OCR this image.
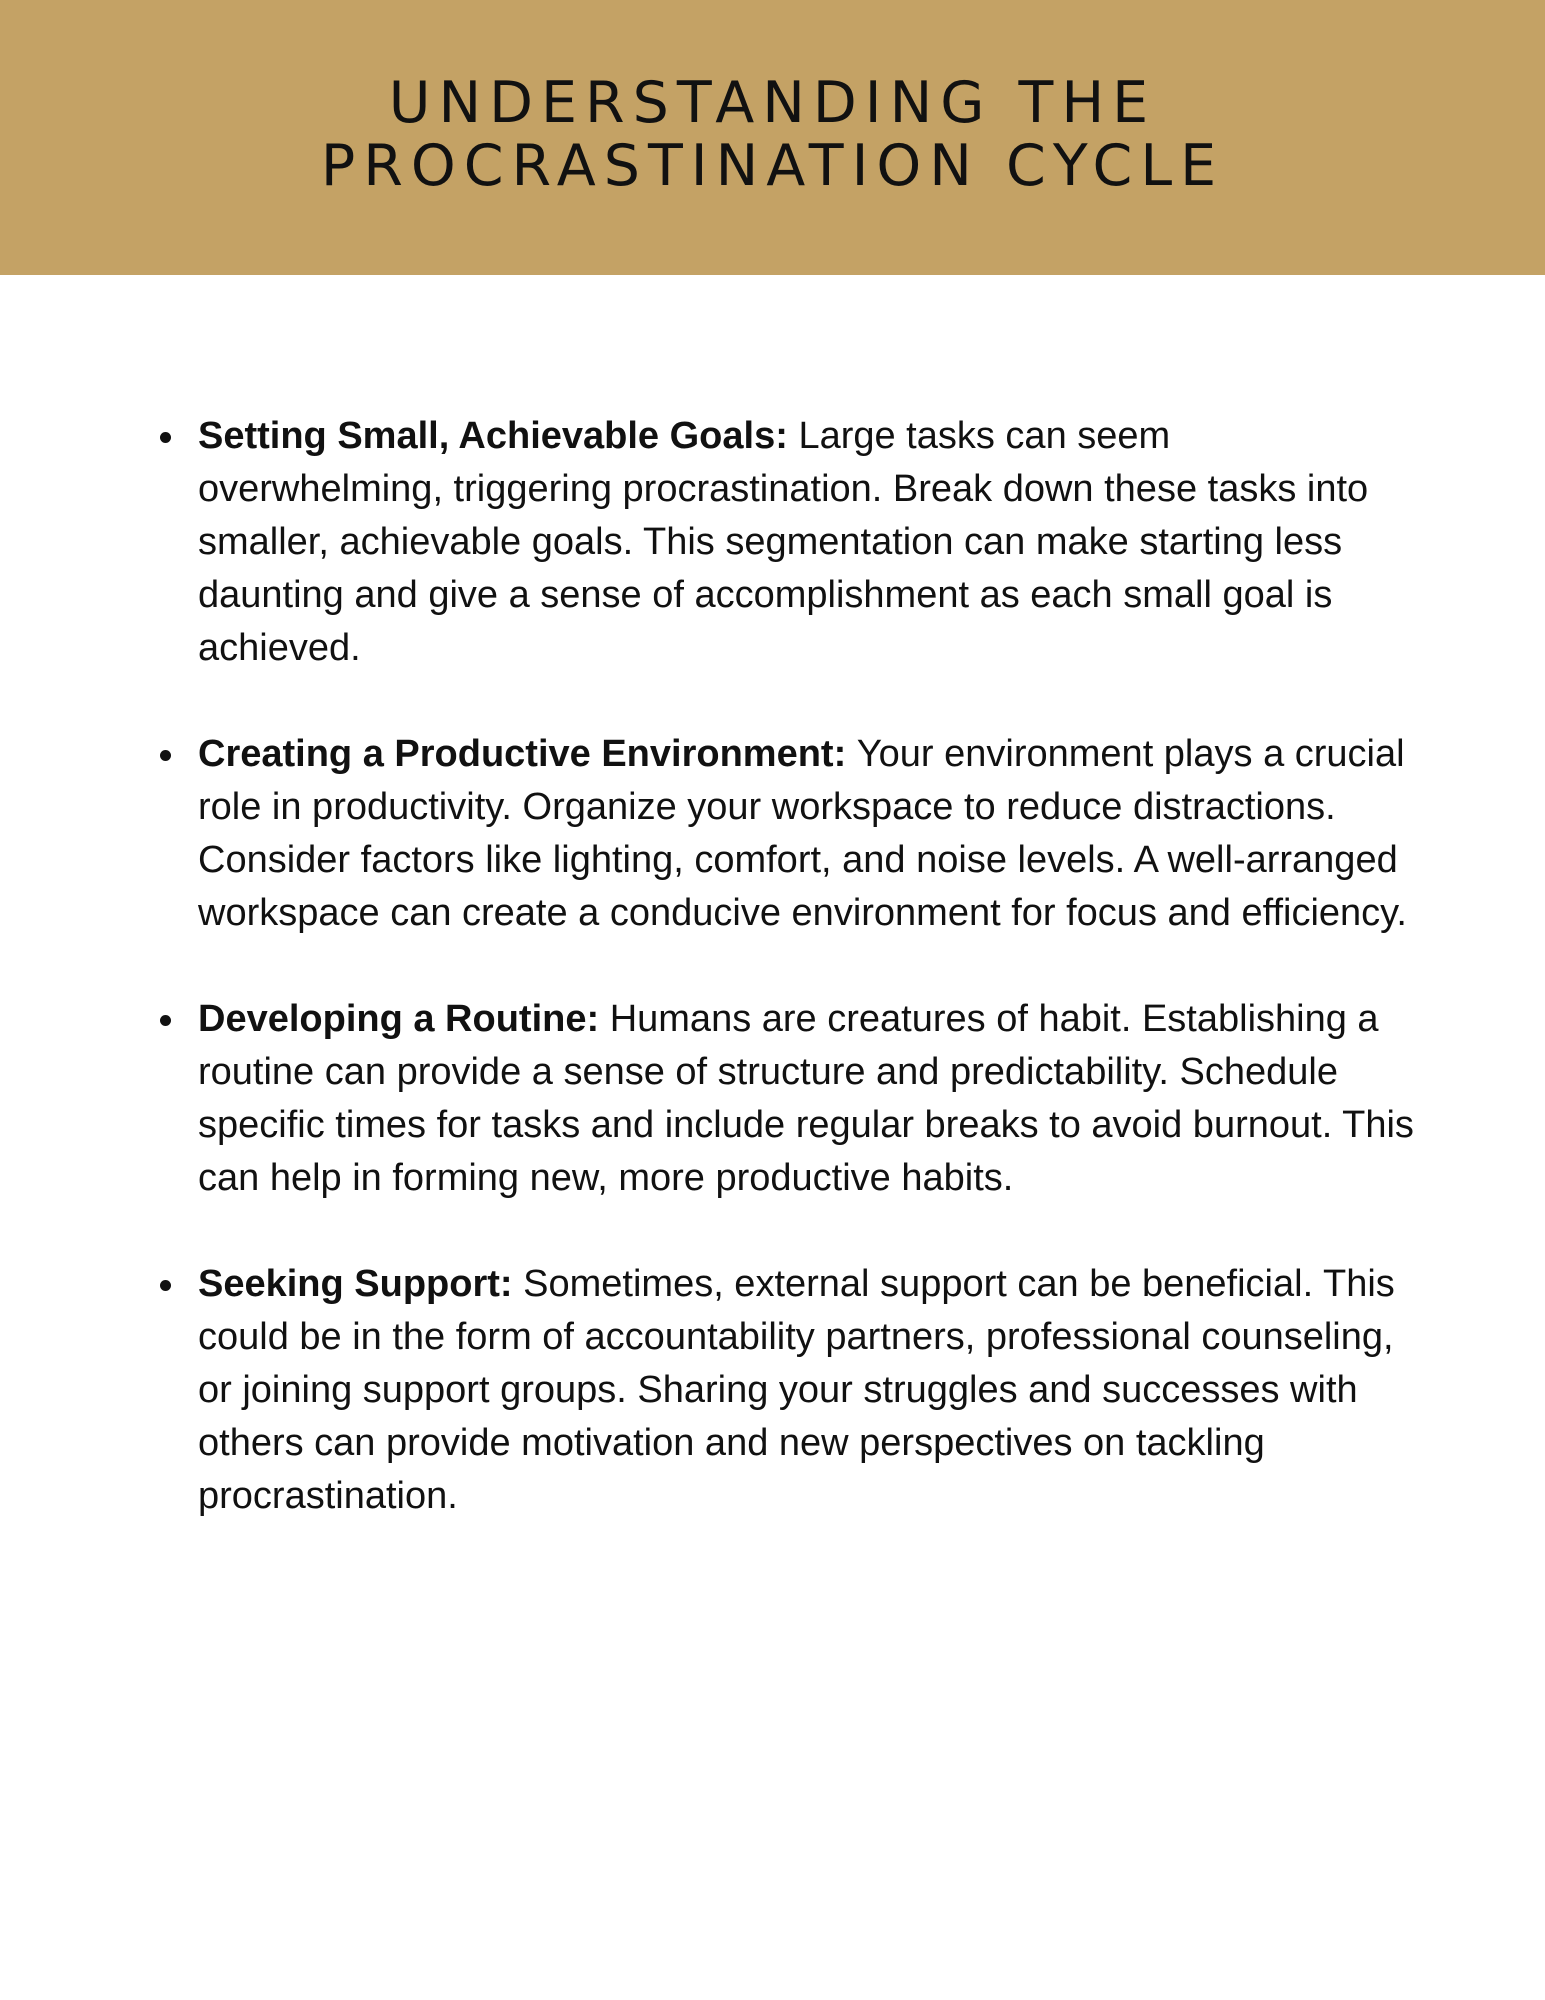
UNDERSTANDING THE
PROCRASTINATION CYCLE
Setting Small, Achievable Goals: Large tasks can seem overwhelming, triggering procrastination. Break down these tasks into smaller, achievable goals. This segmentation can make starting less daunting and give a sense of accomplishment as each small goal is achieved.
Creating a Productive Environment: Your environment plays a crucial role in productivity. Organize your workspace to reduce distractions. Consider factors like lighting, comfort, and noise levels. A well-arranged workspace can create a conducive environment for focus and efficiency.
Developing a Routine: Humans are creatures of habit. Establishing a routine can provide a sense of structure and predictability. Schedule specific times for tasks and include regular breaks to avoid burnout. This can help in forming new, more productive habits.
Seeking Support: Sometimes, external support can be beneficial. This could be in the form of accountability partners, professional counseling, or joining support groups. Sharing your struggles and successes with others can provide motivation and new perspectives on tackling procrastination.
